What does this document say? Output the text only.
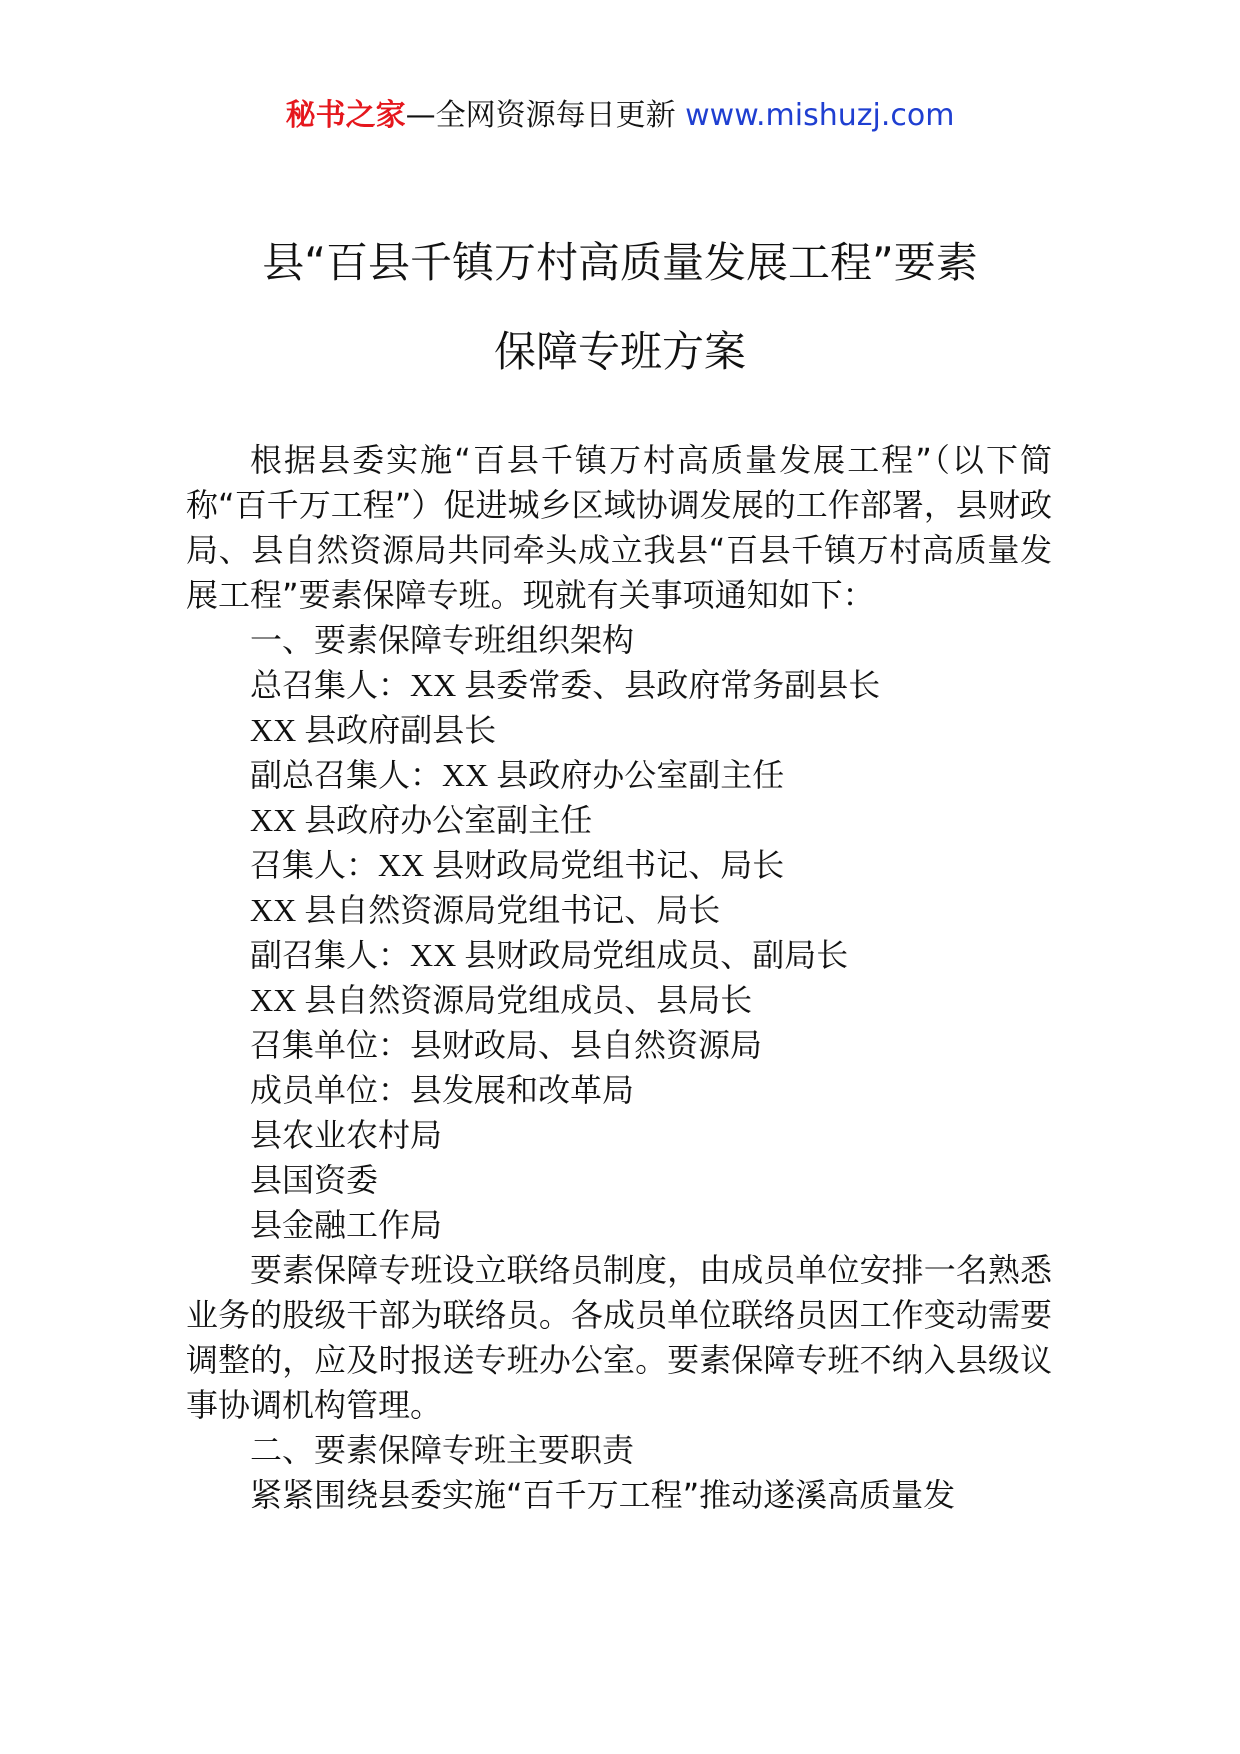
秘书之家—全网资源每日更新 www.mishuzj.com
县“百县千镇万村高质量发展工程”要素
保障专班方案

根据县委实施“百县千镇万村高质量发展工程”（以下简称“百千万工程”）促进城乡区域协调发展的工作部署，县财政局、县自然资源局共同牵头成立我县“百县千镇万村高质量发展工程”要素保障专班。现就有关事项通知如下：

一、要素保障专班组织架构

总召集人：XX 县委常委、县政府常务副县长

XX 县政府副县长

副总召集人：XX 县政府办公室副主任

XX 县政府办公室副主任

召集人：XX 县财政局党组书记、局长

XX 县自然资源局党组书记、局长

副召集人：XX 县财政局党组成员、副局长

XX 县自然资源局党组成员、县局长

召集单位：县财政局、县自然资源局

成员单位：县发展和改革局

县农业农村局

县国资委

县金融工作局

要素保障专班设立联络员制度，由成员单位安排一名熟悉业务的股级干部为联络员。各成员单位联络员因工作变动需要调整的，应及时报送专班办公室。要素保障专班不纳入县级议事协调机构管理。

二、要素保障专班主要职责

紧紧围绕县委实施“百千万工程”推动遂溪高质量发
